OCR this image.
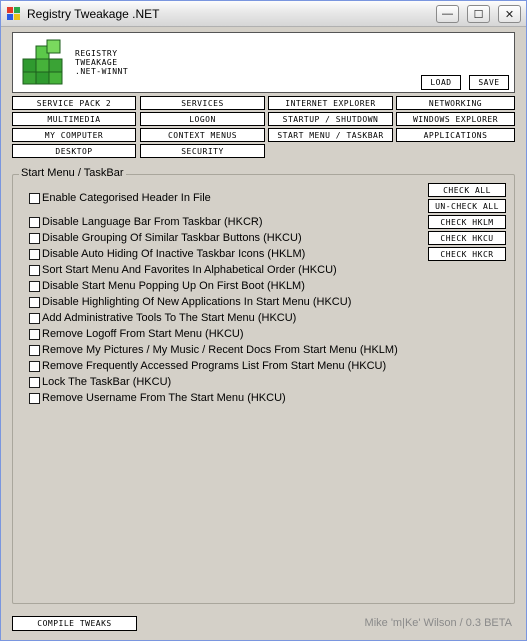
Registry Tweakage .NET	— ☐ ✕
REGISTRY
TWEAKAGE
.NET-WINNT
LOAD	SAVE
SERVICE PACK 2	SERVICES	INTERNET EXPLORER	NETWORKING
MULTIMEDIA	LOGON	STARTUP / SHUTDOWN	WINDOWS EXPLORER
MY COMPUTER	CONTEXT MENUS	START MENU / TASKBAR	APPLICATIONS
DESKTOP	SECURITY
Start Menu / TaskBar
Enable Categorised Header In File
Disable Language Bar From Taskbar (HKCR)
Disable Grouping Of Similar Taskbar Buttons (HKCU)
Disable Auto Hiding Of Inactive Taskbar Icons (HKLM)
Sort Start Menu And Favorites In Alphabetical Order (HKCU)
Disable Start Menu Popping Up On First Boot (HKLM)
Disable Highlighting Of New Applications In Start Menu (HKCU)
Add Administrative Tools To The Start Menu (HKCU)
Remove Logoff From Start Menu (HKCU)
Remove My Pictures / My Music / Recent Docs From Start Menu (HKLM)
Remove Frequently Accessed Programs List From Start Menu (HKCU)
Lock The TaskBar (HKCU)
Remove Username From The Start Menu (HKCU)
CHECK ALL
UN-CHECK ALL
CHECK HKLM
CHECK HKCU
CHECK HKCR
COMPILE TWEAKS	Mike 'm|Ke' Wilson / 0.3 BETA
